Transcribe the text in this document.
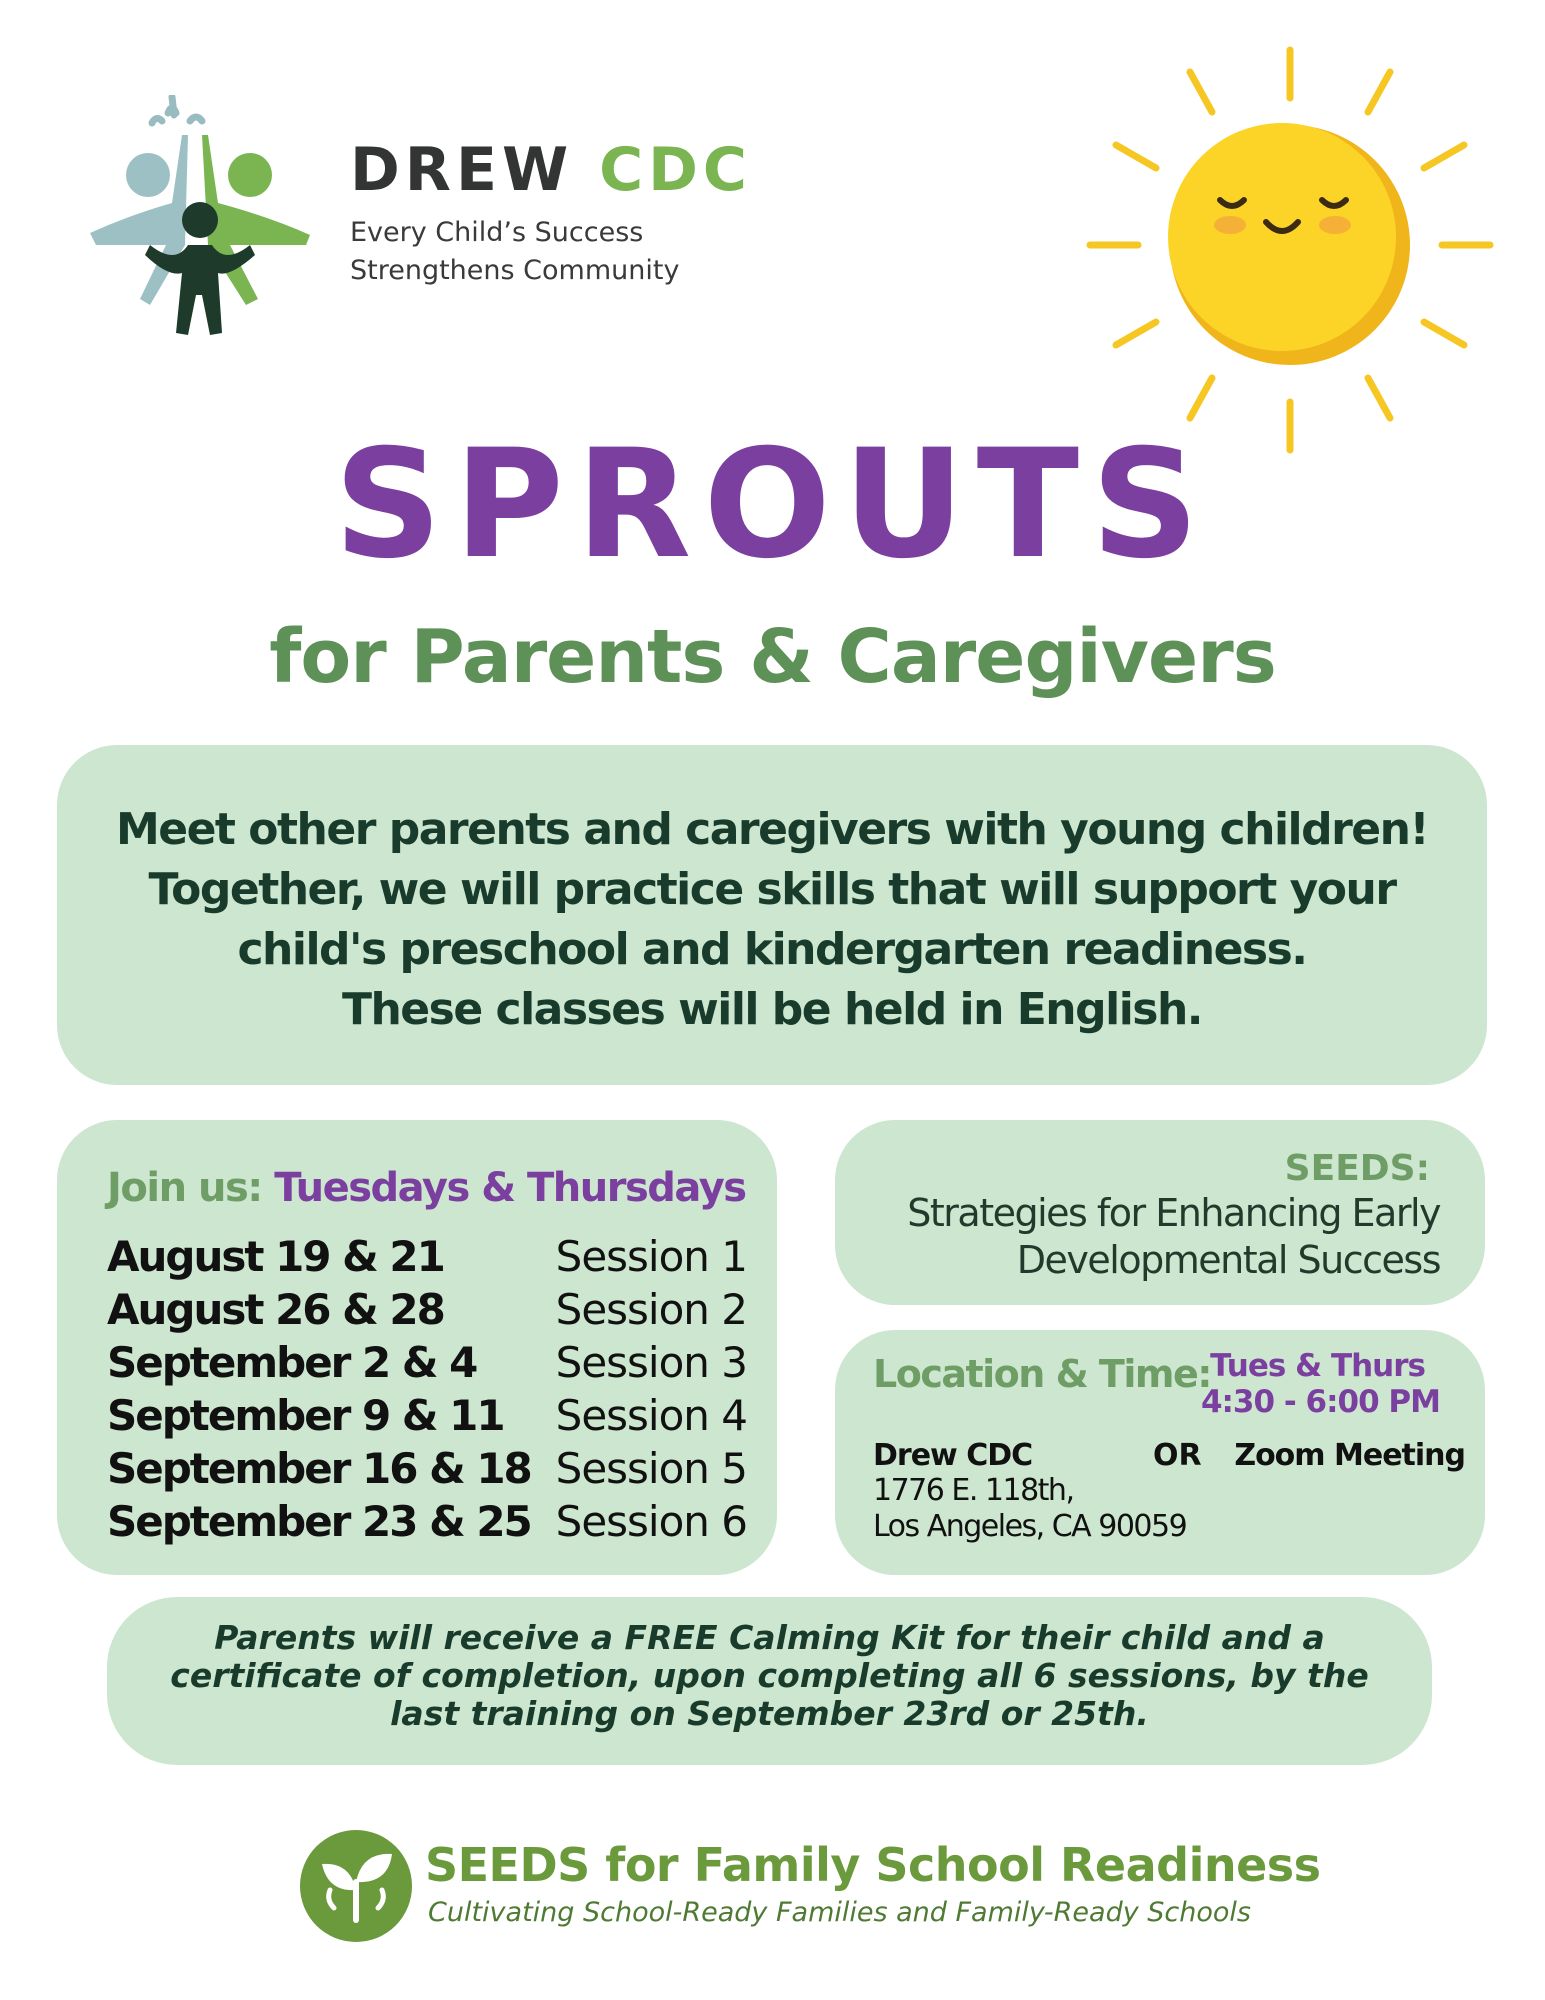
DREW CDC
Every Child’s Success
Strengthens Community
SPROUTS
for Parents & Caregivers
Meet other parents and caregivers with young children!
Together, we will practice skills that will support your
child's preschool and kindergarten readiness.
These classes will be held in English.
Join us: Tuesdays & Thursdays
August 19 & 21	Session 1
August 26 & 28	Session 2
September 2 & 4 Session 3
September 9 & 11 Session 4
September 16 & 18 Session 5
September 23 & 25 Session 6
SEEDS:
Strategies for Enhancing Early
Developmental Success
Location & Time: Tues & Thurs
4:30 - 6:00 PM
Drew CDC	OR Zoom Meeting
1776 E. 118th,
Los Angeles, CA 90059
Parents will receive a FREE Calming Kit for their child and a
certificate of completion, upon completing all 6 sessions, by the
last training on September 23rd or 25th.
SEEDS for Family School Readiness
Cultivating School-Ready Families and Family-Ready Schools
